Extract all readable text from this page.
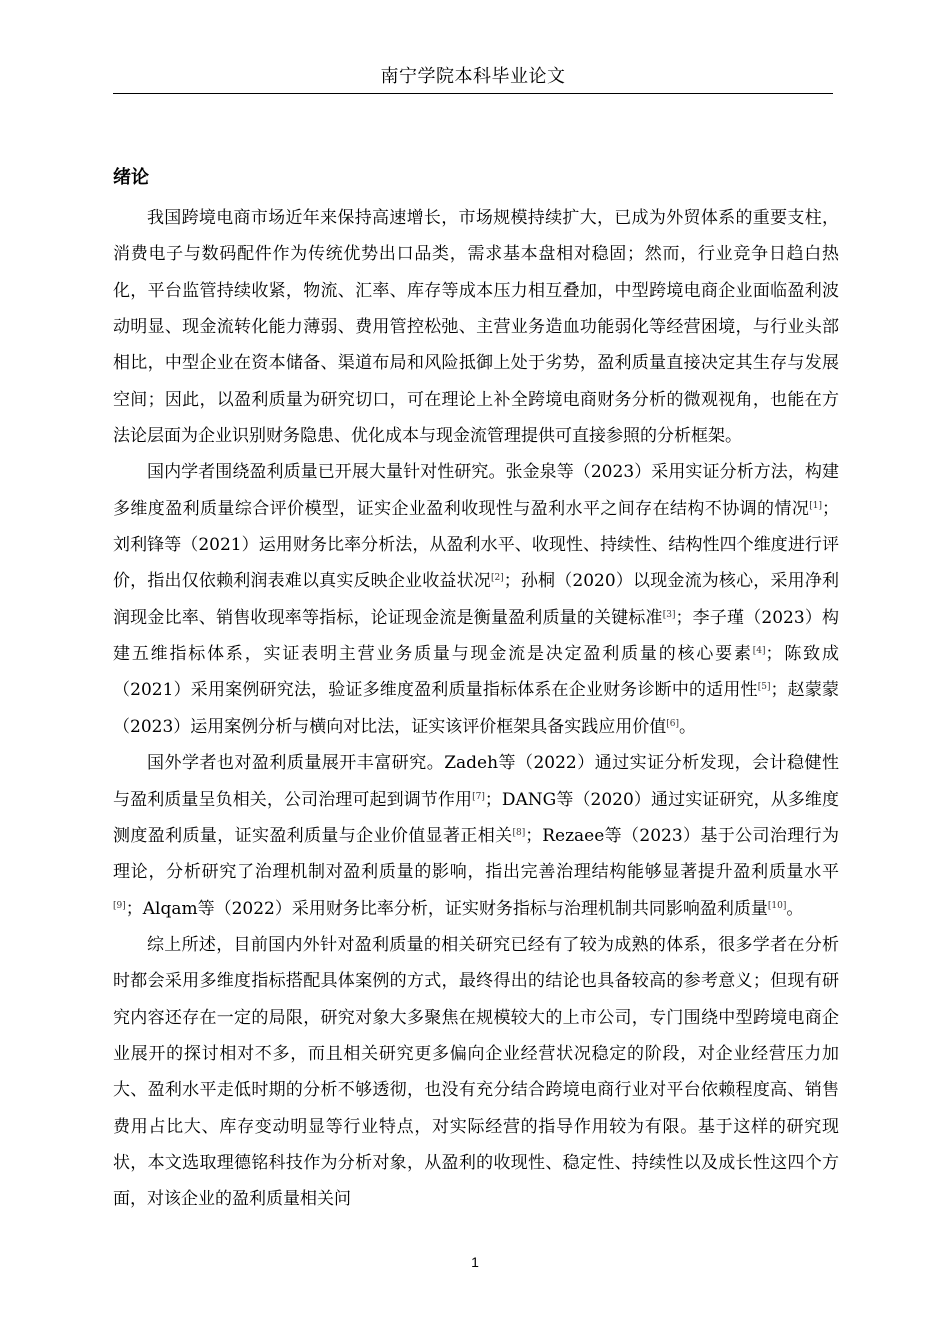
南宁学院本科毕业论文
绪论

我国跨境电商市场近年来保持高速增长，市场规模持续扩大，已成为外贸体系的重要支柱，消费电子与数码配件作为传统优势出口品类，需求基本盘相对稳固；然而，行业竞争日趋白热化，平台监管持续收紧，物流、汇率、库存等成本压力相互叠加，中型跨境电商企业面临盈利波动明显、现金流转化能力薄弱、费用管控松弛、主营业务造血功能弱化等经营困境，与行业头部相比，中型企业在资本储备、渠道布局和风险抵御上处于劣势，盈利质量直接决定其生存与发展空间；因此，以盈利质量为研究切口，可在理论上补全跨境电商财务分析的微观视角，也能在方法论层面为企业识别财务隐患、优化成本与现金流管理提供可直接参照的分析框架。

国内学者围绕盈利质量已开展大量针对性研究。张金泉等（2023）采用实证分析方法，构建多维度盈利质量综合评价模型，证实企业盈利收现性与盈利水平之间存在结构不协调的情况[1]；刘利锋等（2021）运用财务比率分析法，从盈利水平、收现性、持续性、结构性四个维度进行评价，指出仅依赖利润表难以真实反映企业收益状况[2]；孙桐（2020）以现金流为核心，采用净利润现金比率、销售收现率等指标，论证现金流是衡量盈利质量的关键标准[3]；李子瑾（2023）构建五维指标体系，实证表明主营业务质量与现金流是决定盈利质量的核心要素[4]；陈致成（2021）采用案例研究法，验证多维度盈利质量指标体系在企业财务诊断中的适用性[5]；赵蒙蒙（2023）运用案例分析与横向对比法，证实该评价框架具备实践应用价值[6]。

国外学者也对盈利质量展开丰富研究。Zadeh等（2022）通过实证分析发现，会计稳健性与盈利质量呈负相关，公司治理可起到调节作用[7]；DANG等（2020）通过实证研究，从多维度测度盈利质量，证实盈利质量与企业价值显著正相关[8]；Rezaee等（2023）基于公司治理行为理论，分析研究了治理机制对盈利质量的影响，指出完善治理结构能够显著提升盈利质量水平[9]；Alqam等（2022）采用财务比率分析，证实财务指标与治理机制共同影响盈利质量[10]。

综上所述，目前国内外针对盈利质量的相关研究已经有了较为成熟的体系，很多学者在分析时都会采用多维度指标搭配具体案例的方式，最终得出的结论也具备较高的参考意义；但现有研究内容还存在一定的局限，研究对象大多聚焦在规模较大的上市公司，专门围绕中型跨境电商企业展开的探讨相对不多，而且相关研究更多偏向企业经营状况稳定的阶段，对企业经营压力加大、盈利水平走低时期的分析不够透彻，也没有充分结合跨境电商行业对平台依赖程度高、销售费用占比大、库存变动明显等行业特点，对实际经营的指导作用较为有限。基于这样的研究现状，本文选取理德铭科技作为分析对象，从盈利的收现性、稳定性、持续性以及成长性这四个方面，对该企业的盈利质量相关问

1
